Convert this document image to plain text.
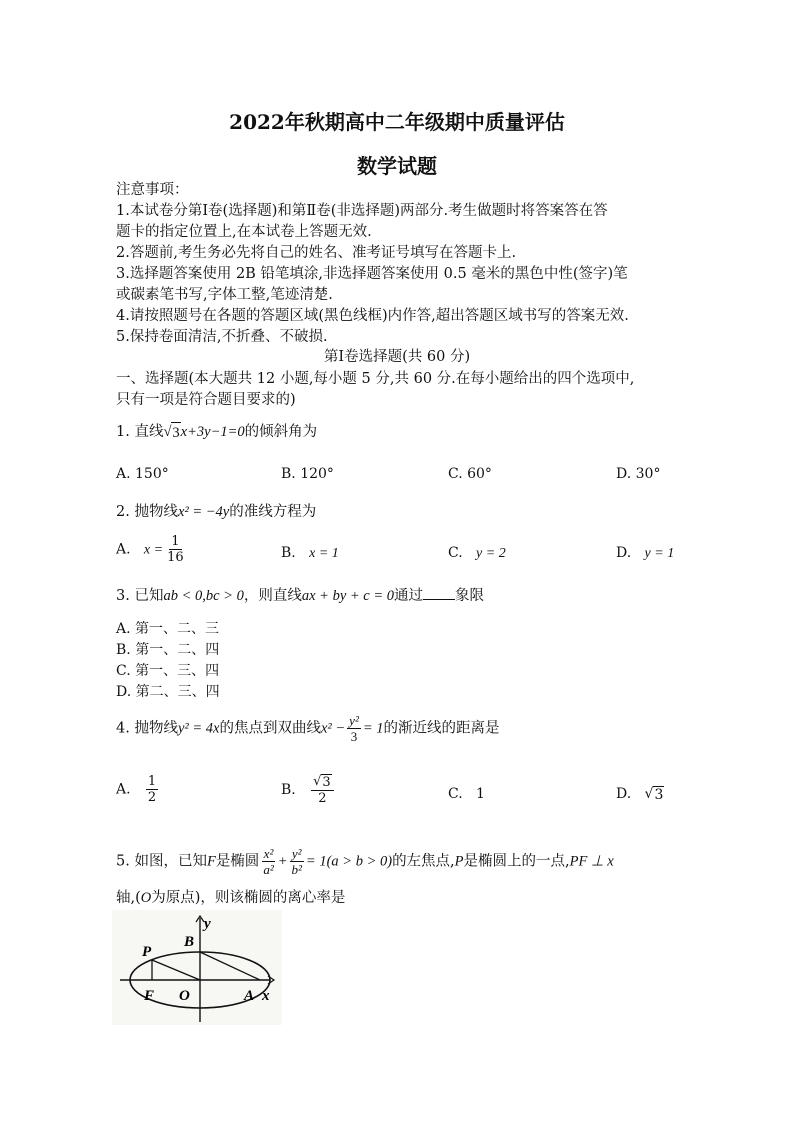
2022年秋期高中二年级期中质量评估
数学试题
注意事项：
1.本试卷分第Ⅰ卷(选择题)和第Ⅱ卷(非选择题)两部分.考生做题时将答案答在答
题卡的指定位置上,在本试卷上答题无效.
2.答题前,考生务必先将自己的姓名、准考证号填写在答题卡上.
3.选择题答案使用 2B 铅笔填涂,非选择题答案使用 0.5 毫米的黑色中性(签字)笔
或碳素笔书写,字体工整,笔迹清楚.
4.请按照题号在各题的答题区域(黑色线框)内作答,超出答题区域书写的答案无效.
5.保持卷面清洁,不折叠、不破损.
第Ⅰ卷选择题(共 60 分)
一、选择题(本大题共 12 小题,每小题 5 分,共 60 分.在每小题给出的四个选项中,
只有一项是符合题目要求的)
1. 直线 √ 3 x+3y−1=0的倾斜角为
A. 150°	B. 120°	C. 60°	D. 30°
2. 抛物线x² = −4y的准线方程为
A. $x = \frac{1}{16}$	B. x = 1	C. y = 2	D. y = 1
3. 已知ab < 0,bc > 0，则直线ax + by + c = 0通过 象限
A. 第一、二、三
B. 第一、二、四
C. 第一、三、四
D. 第二、三、四
4. 抛物线y² = 4x的焦点到双曲线$x^2 - \frac{\text{y²}}{3} = 1$的渐近线的距离是
A. $\frac{1}{2}$	B. $\frac{√ 3}{2}$	C. 1	D. √ 3
5. 如图，已知F是椭圆 $\frac{\text{x²}}{\text{a²}} + \frac{\text{y²}}{\text{b²}} = 1(a > b > 0)$的左焦点,P是椭圆上的一点,PF ⊥ x
轴,(O为原点)，则该椭圆的离心率是
y
B
P
F O	A x
